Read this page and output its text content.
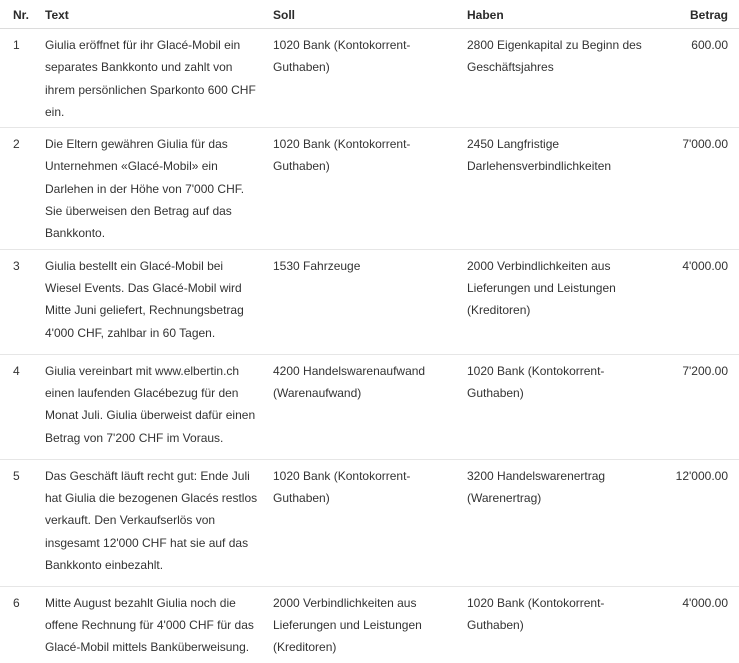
Nr.	Text	Soll	Haben	Betrag
1	Giulia eröffnet für ihr Glacé-Mobil ein separates Bankkonto und zahlt von ihrem persönlichen Sparkonto 600 CHF ein.	1020 Bank (Kontokorrent-Guthaben)	2800 Eigenkapital zu Beginn des Geschäftsjahres	600.00
2	Die Eltern gewähren Giulia für das Unternehmen «Glacé-Mobil» ein Darlehen in der Höhe von 7'000 CHF. Sie überweisen den Betrag auf das Bankkonto.	1020 Bank (Kontokorrent-Guthaben)	2450 Langfristige Darlehensverbindlichkeiten	7'000.00
3	Giulia bestellt ein Glacé-Mobil bei Wiesel Events. Das Glacé-Mobil wird Mitte Juni geliefert, Rechnungsbetrag 4'000 CHF, zahlbar in 60 Tagen.	1530 Fahrzeuge	2000 Verbindlichkeiten aus Lieferungen und Leistungen (Kreditoren)	4'000.00
4	Giulia vereinbart mit www.elbertin.ch einen laufenden Glacébezug für den Monat Juli. Giulia überweist dafür einen Betrag von 7'200 CHF im Voraus.	4200 Handelswarenaufwand (Warenaufwand)	1020 Bank (Kontokorrent-Guthaben)	7'200.00
5	Das Geschäft läuft recht gut: Ende Juli hat Giulia die bezogenen Glacés restlos verkauft. Den Verkaufserlös von insgesamt 12'000 CHF hat sie auf das Bankkonto einbezahlt.	1020 Bank (Kontokorrent-Guthaben)	3200 Handelswarenertrag (Warenertrag)	12'000.00
6	Mitte August bezahlt Giulia noch die offene Rechnung für 4'000 CHF für das Glacé-Mobil mittels Banküberweisung.	2000 Verbindlichkeiten aus Lieferungen und Leistungen (Kreditoren)	1020 Bank (Kontokorrent-Guthaben)	4'000.00
